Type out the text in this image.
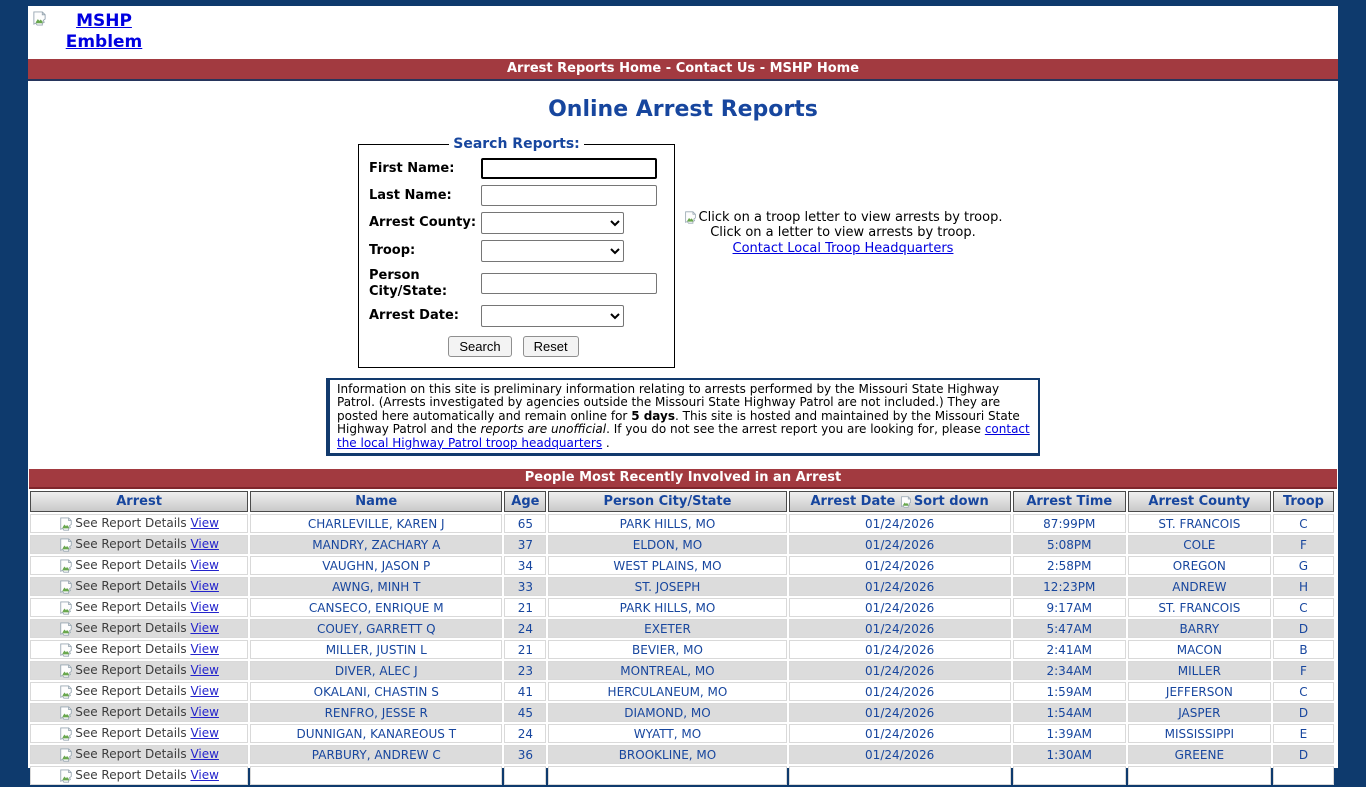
MSHP Emblem
Arrest Reports Home - Contact Us - MSHP Home
Online Arrest Reports
Search Reports:
First Name:
Last Name:
Arrest County:
Troop:
Person City/State:
Arrest Date:
Search	Reset
Click on a troop letter to view arrests by troop.
Click on a letter to view arrests by troop.
Contact Local Troop Headquarters
Information on this site is preliminary information relating to arrests performed by the Missouri State Highway Patrol. (Arrests investigated by agencies outside the Missouri State Highway Patrol are not included.) They are posted here automatically and remain online for 5 days. This site is hosted and maintained by the Missouri State Highway Patrol and the reports are unofficial. If you do not see the arrest report you are looking for, please contact the local Highway Patrol troop headquarters .
People Most Recently Involved in an Arrest
Arrest	Name	Age	Person City/State	Arrest Date Sort down	Arrest Time	Arrest County	Troop

See Report Details View	CHARLEVILLE, KAREN J	65	PARK HILLS, MO	01/24/2026	87:99PM	ST. FRANCOIS	C

See Report Details View	MANDRY, ZACHARY A	37	ELDON, MO	01/24/2026	5:08PM	COLE	F

See Report Details View	VAUGHN, JASON P	34	WEST PLAINS, MO	01/24/2026	2:58PM	OREGON	G

See Report Details View	AWNG, MINH T	33	ST. JOSEPH	01/24/2026	12:23PM	ANDREW	H

See Report Details View	CANSECO, ENRIQUE M	21	PARK HILLS, MO	01/24/2026	9:17AM	ST. FRANCOIS	C

See Report Details View	COUEY, GARRETT Q	24	EXETER	01/24/2026	5:47AM	BARRY	D

See Report Details View	MILLER, JUSTIN L	21	BEVIER, MO	01/24/2026	2:41AM	MACON	B

See Report Details View	DIVER, ALEC J	23	MONTREAL, MO	01/24/2026	2:34AM	MILLER	F

See Report Details View	OKALANI, CHASTIN S	41	HERCULANEUM, MO	01/24/2026	1:59AM	JEFFERSON	C

See Report Details View	RENFRO, JESSE R	45	DIAMOND, MO	01/24/2026	1:54AM	JASPER	D

See Report Details View	DUNNIGAN, KANAREOUS T	24	WYATT, MO	01/24/2026	1:39AM	MISSISSIPPI	E

See Report Details View	PARBURY, ANDREW C	36	BROOKLINE, MO	01/24/2026	1:30AM	GREENE	D

See Report Details View							
